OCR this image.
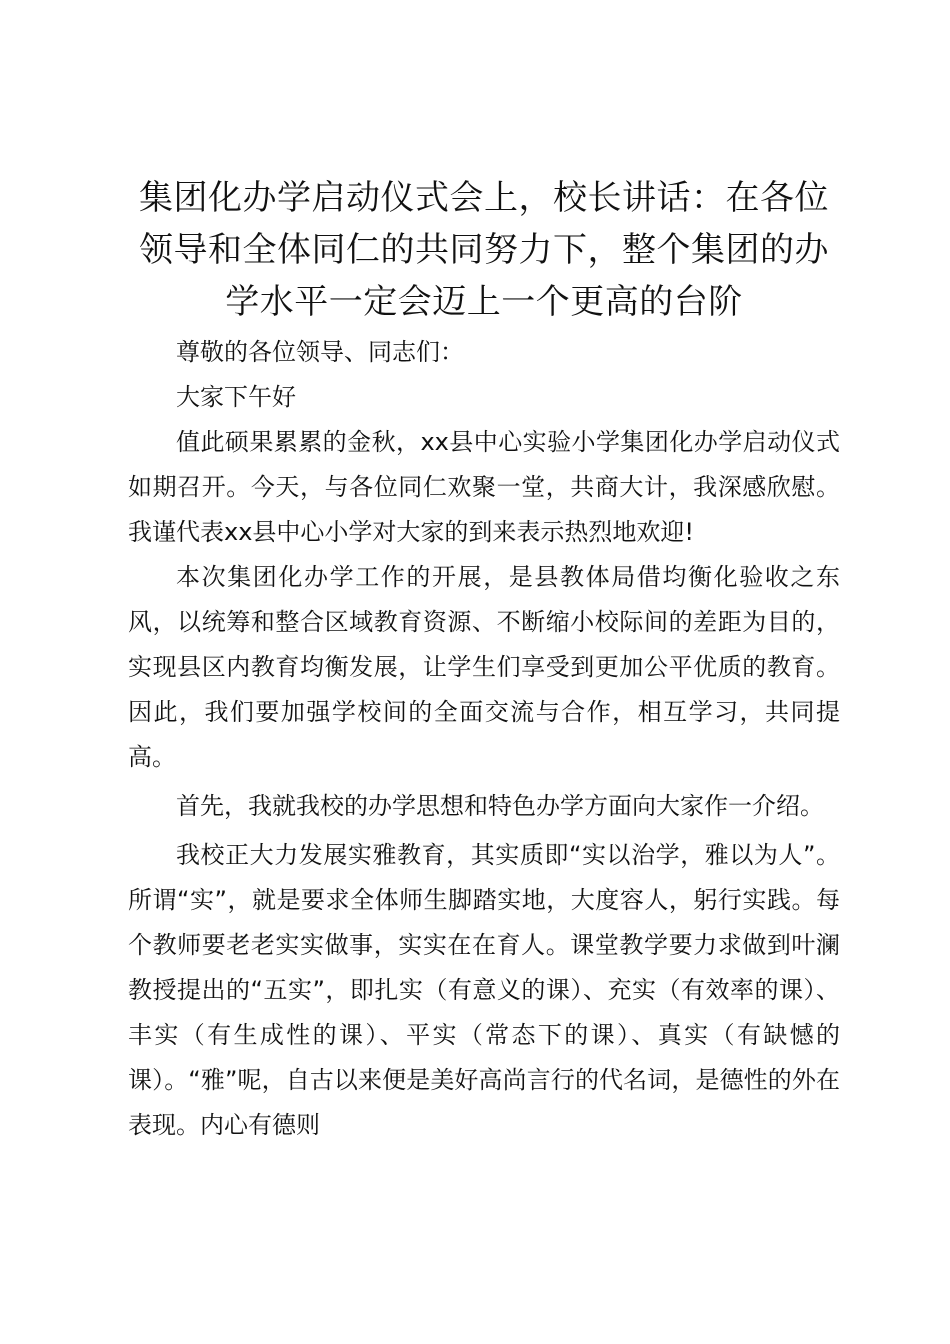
集团化办学启动仪式会上，校长讲话：在各位领导和全体同仁的共同努力下，整个集团的办学水平一定会迈上一个更高的台阶

尊敬的各位领导、同志们：

大家下午好

值此硕果累累的金秋，xx县中心实验小学集团化办学启动仪式如期召开。今天，与各位同仁欢聚一堂，共商大计，我深感欣慰。我谨代表xx县中心小学对大家的到来表示热烈地欢迎!

本次集团化办学工作的开展，是县教体局借均衡化验收之东风，以统筹和整合区域教育资源、不断缩小校际间的差距为目的，实现县区内教育均衡发展，让学生们享受到更加公平优质的教育。因此，我们要加强学校间的全面交流与合作，相互学习，共同提高。

首先，我就我校的办学思想和特色办学方面向大家作一介绍。

我校正大力发展实雅教育，其实质即“实以治学，雅以为人”。所谓“实”，就是要求全体师生脚踏实地，大度容人，躬行实践。每个教师要老老实实做事，实实在在育人。课堂教学要力求做到叶澜教授提出的“五实”，即扎实（有意义的课）、充实（有效率的课）、丰实（有生成性的课）、平实（常态下的课）、真实（有缺憾的课）。“雅”呢，自古以来便是美好高尚言行的代名词，是德性的外在表现。内心有德则
